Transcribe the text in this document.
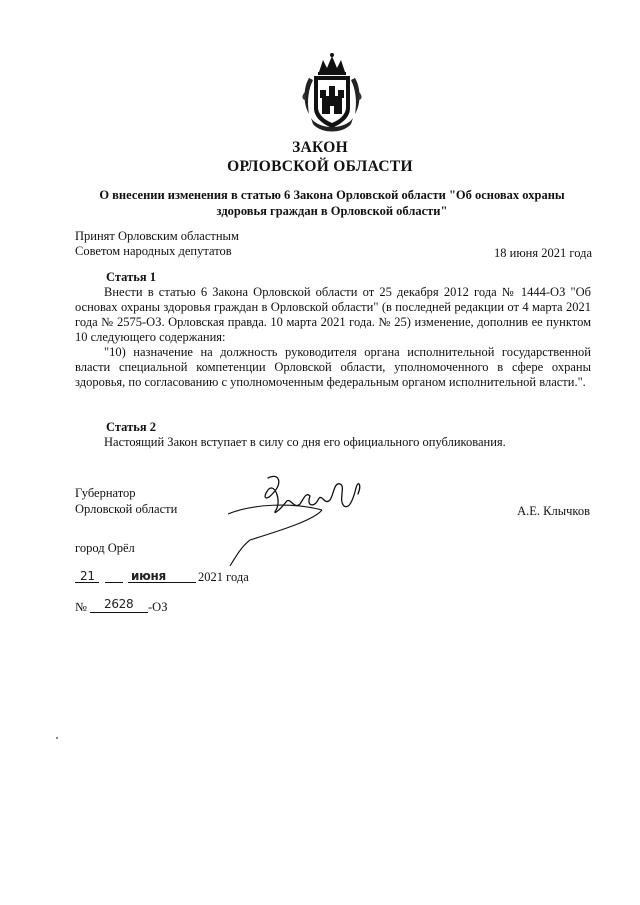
ЗАКОН
ОРЛОВСКОЙ ОБЛАСТИ
О внесении изменения в статью 6 Закона Орловской области "Об основах охраны
здоровья граждан в Орловской области"
Принят Орловским областным
Советом народных депутатов	18 июня 2021 года
Статья 1
Внести в статью 6 Закона Орловской области от 25 декабря 2012 года № 1444-ОЗ "Об основах охраны здоровья граждан в Орловской области" (в последней редакции от 4 марта 2021 года № 2575-ОЗ. Орловская правда. 10 марта 2021 года. № 25) изменение, дополнив ее пунктом 10 следующего содержания:
"10) назначение на должность руководителя органа исполнительной государственной власти специальной компетенции Орловской области, уполномоченного в сфере охраны здоровья, по согласованию с уполномоченным федеральным органом исполнительной власти.".
Статья 2
Настоящий Закон вступает в силу со дня его официального опубликования.
Губернатор
Орловской области	А.Е. Клычков
город Орёл
21	июня	2021 года
№ 2628 -ОЗ
